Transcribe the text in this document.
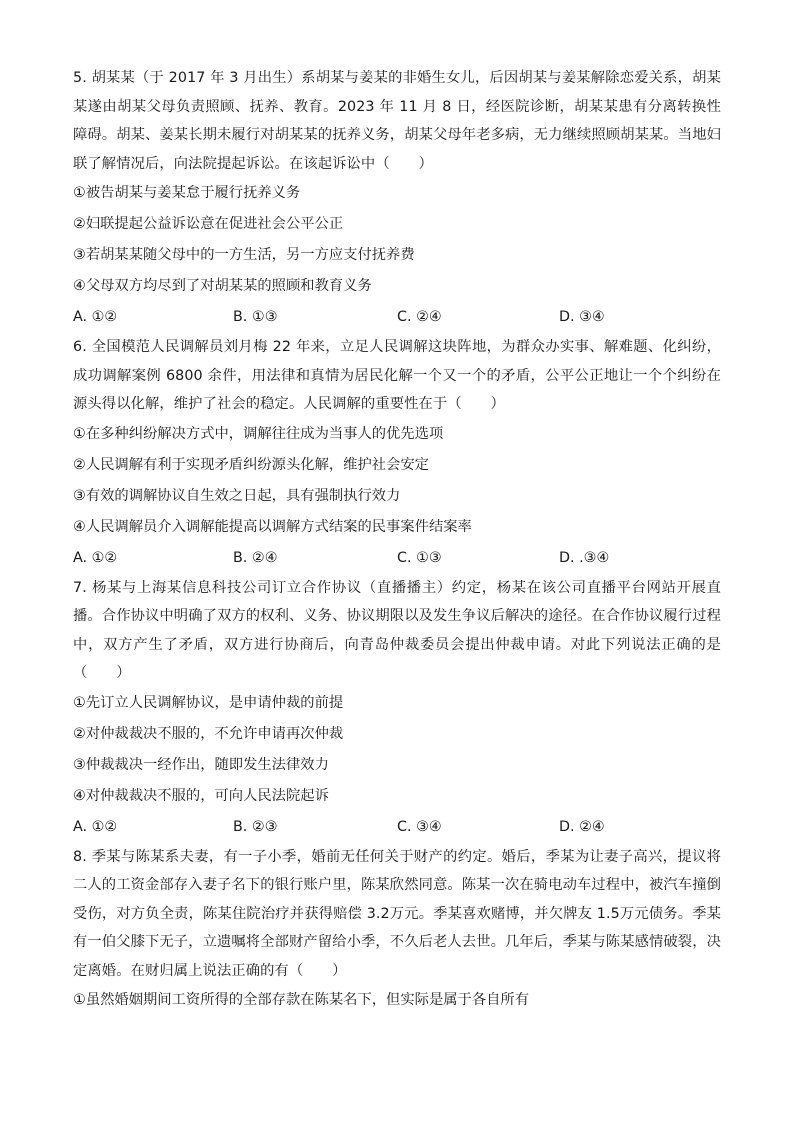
5. 胡某某（于 2017 年 3 月出生）系胡某与姜某的非婚生女儿，后因胡某与姜某解除恋爱关系，胡某某遂由胡某父母负责照顾、抚养、教育。2023 年 11 月 8 日，经医院诊断，胡某某患有分离转换性障碍。胡某、姜某长期未履行对胡某某的抚养义务，胡某父母年老多病，无力继续照顾胡某某。当地妇联了解情况后，向法院提起诉讼。在该起诉讼中（　　）

①被告胡某与姜某怠于履行抚养义务

②妇联提起公益诉讼意在促进社会公平公正

③若胡某某随父母中的一方生活，另一方应支付抚养费

④父母双方均尽到了对胡某某的照顾和教育义务

A. ①②	B. ①③	C. ②④	D. ③④

6. 全国模范人民调解员刘月梅 22 年来，立足人民调解这块阵地，为群众办实事、解难题、化纠纷，成功调解案例 6800 余件，用法律和真情为居民化解一个又一个的矛盾，公平公正地让一个个纠纷在源头得以化解，维护了社会的稳定。人民调解的重要性在于（　　）

①在多种纠纷解决方式中，调解往往成为当事人的优先选项

②人民调解有利于实现矛盾纠纷源头化解，维护社会安定

③有效的调解协议自生效之日起，具有强制执行效力

④人民调解员介入调解能提高以调解方式结案的民事案件结案率

A. ①②	B. ②④	C. ①③	D. .③④

7. 杨某与上海某信息科技公司订立合作协议（直播播主）约定，杨某在该公司直播平台网站开展直播。合作协议中明确了双方的权利、义务、协议期限以及发生争议后解决的途径。在合作协议履行过程中，双方产生了矛盾，双方进行协商后，向青岛仲裁委员会提出仲裁申请。对此下列说法正确的是（　　）

①先订立人民调解协议，是申请仲裁的前提

②对仲裁裁决不服的，不允许申请再次仲裁

③仲裁裁决一经作出，随即发生法律效力

④对仲裁裁决不服的，可向人民法院起诉

A. ①②	B. ②③	C. ③④	D. ②④

8. 季某与陈某系夫妻，有一子小季，婚前无任何关于财产的约定。婚后，季某为让妻子高兴，提议将二人的工资金部存入妻子名下的银行账户里，陈某欣然同意。陈某一次在骑电动车过程中，被汽车撞倒受伤，对方负全责，陈某住院治疗并获得赔偿 3.2万元。季某喜欢赌博，并欠牌友 1.5万元债务。季某有一伯父膝下无子，立遗嘱将全部财产留给小季，不久后老人去世。几年后，季某与陈某感情破裂，决定离婚。在财归属上说法正确的有（　　）

①虽然婚姻期间工资所得的全部存款在陈某名下，但实际是属于各自所有
